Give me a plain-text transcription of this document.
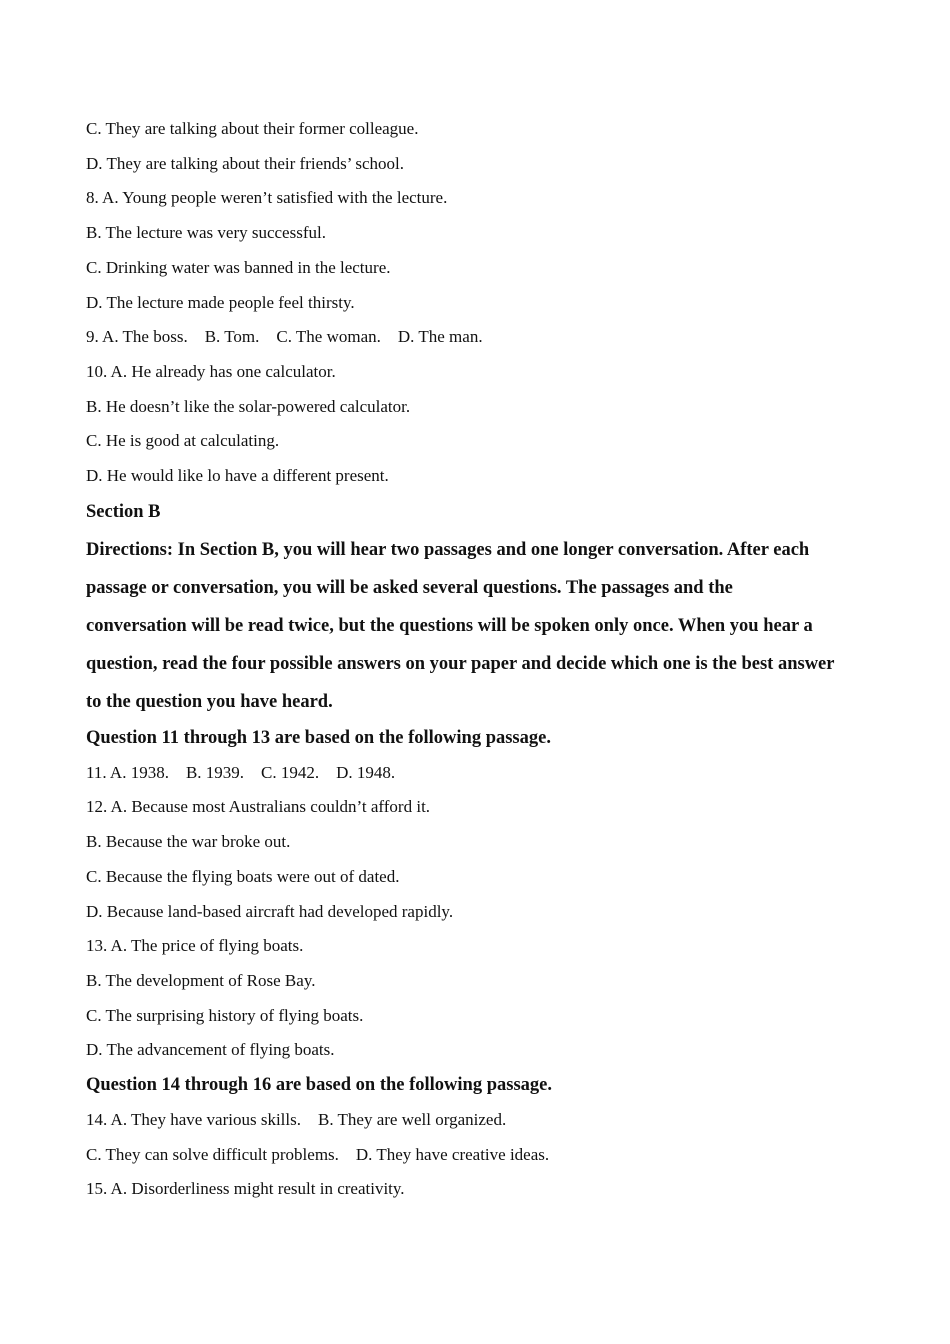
C. They are talking about their former colleague.
D. They are talking about their friends’ school.
8. A. Young people weren’t satisfied with the lecture.
B. The lecture was very successful.
C. Drinking water was banned in the lecture.
D. The lecture made people feel thirsty.
9. A. The boss.    B. Tom.    C. The woman.    D. The man.
10. A. He already has one calculator.
B. He doesn’t like the solar-powered calculator.
C. He is good at calculating.
D. He would like lo have a different present.
Section B
Directions: In Section B, you will hear two passages and one longer conversation. After each
passage or conversation, you will be asked several questions. The passages and the
conversation will be read twice, but the questions will be spoken only once. When you hear a
question, read the four possible answers on your paper and decide which one is the best answer
to the question you have heard.
Question 11 through 13 are based on the following passage.
11. A. 1938.    B. 1939.    C. 1942.    D. 1948.
12. A. Because most Australians couldn’t afford it.
B. Because the war broke out.
C. Because the flying boats were out of dated.
D. Because land-based aircraft had developed rapidly.
13. A. The price of flying boats.
B. The development of Rose Bay.
C. The surprising history of flying boats.
D. The advancement of flying boats.
Question 14 through 16 are based on the following passage.
14. A. They have various skills.    B. They are well organized.
C. They can solve difficult problems.    D. They have creative ideas.
15. A. Disorderliness might result in creativity.
